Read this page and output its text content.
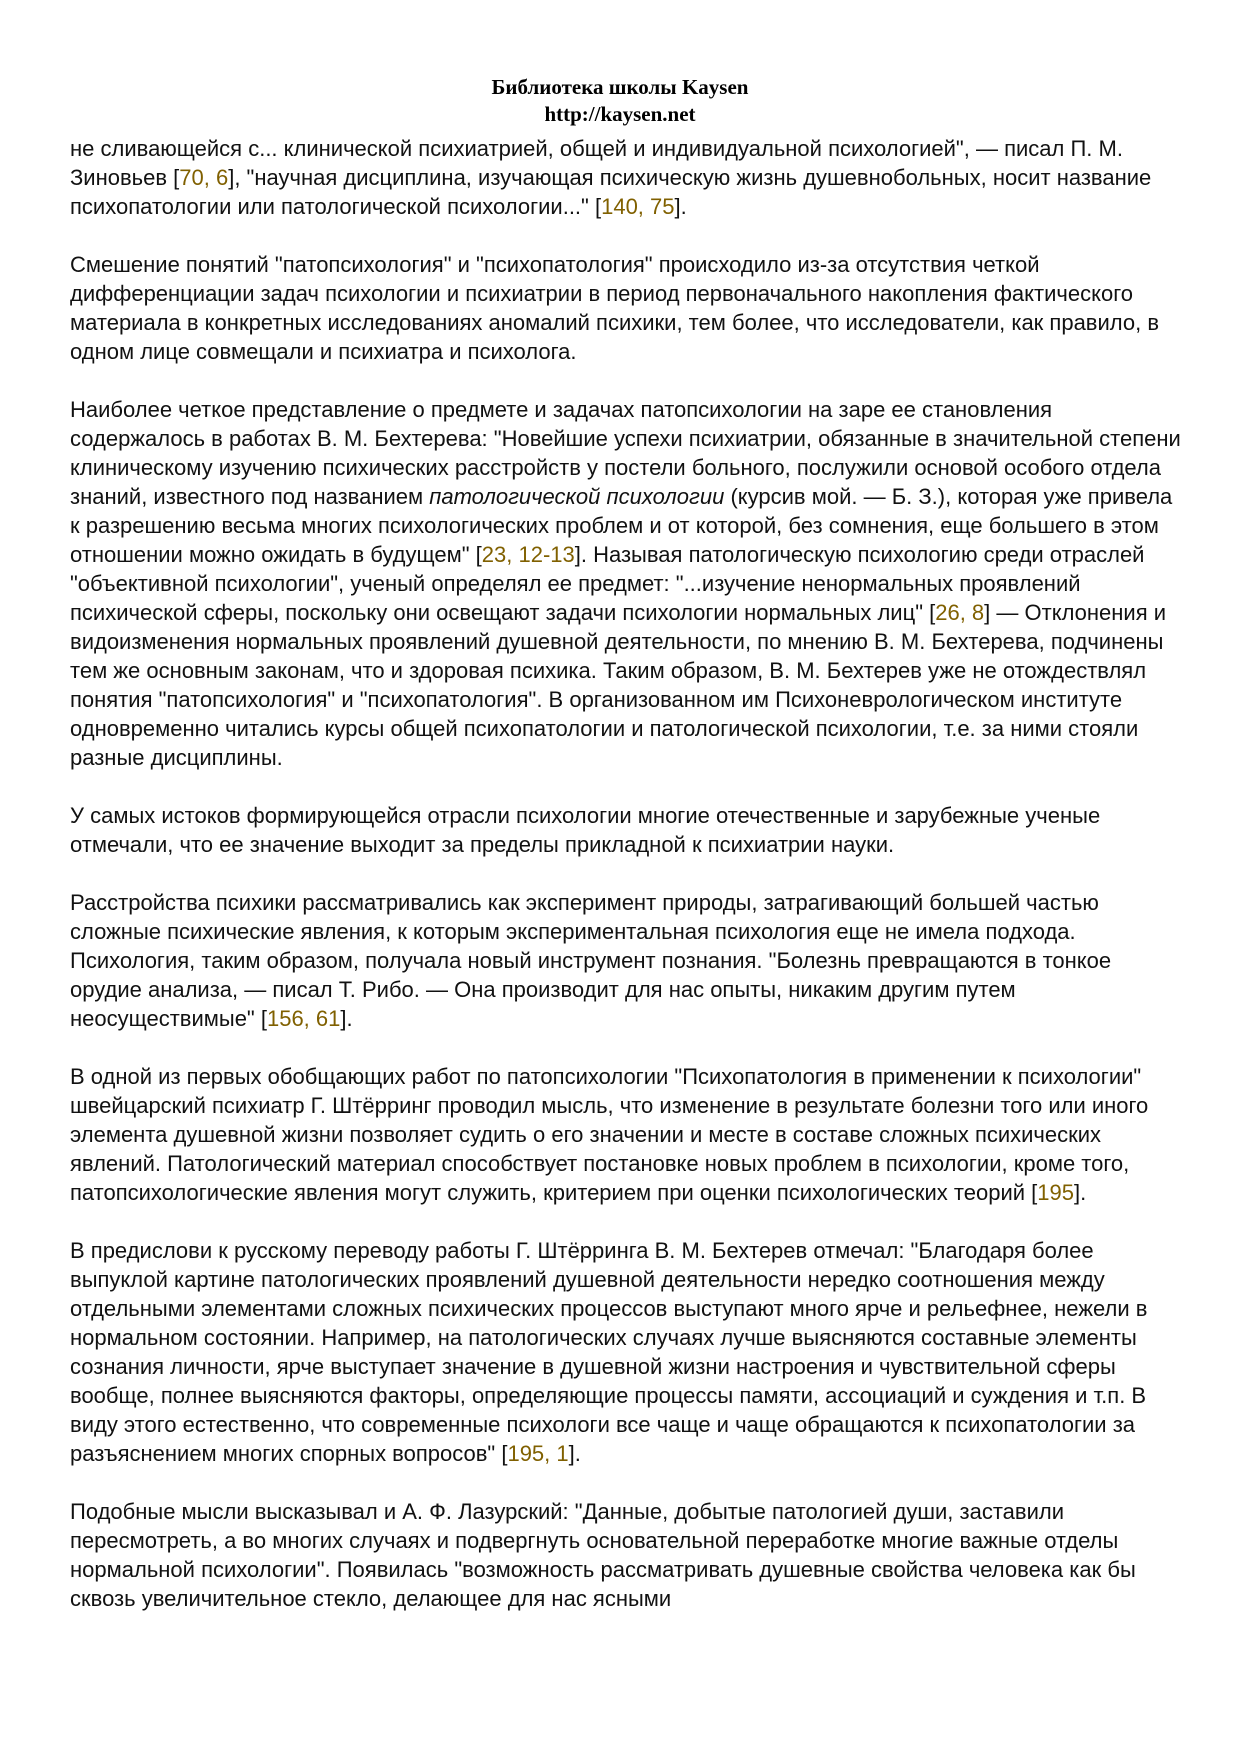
Библиотека школы Kaysen
http://kaysen.net

не сливающейся с... клинической психиатрией, общей и индивидуальной психологией", — писал П. М. Зиновьев [70, 6], "научная дисциплина, изучающая психическую жизнь душевнобольных, носит название психопатологии или патологической психологии..." [140, 75].

Смешение понятий "патопсихология" и "психопатология" происходило из-за отсутствия четкой дифференциации задач психологии и психиатрии в период первоначального накопления фактического материала в конкретных исследованиях аномалий психики, тем более, что исследователи, как правило, в одном лице совмещали и психиатра и психолога.

Наиболее четкое представление о предмете и задачах патопсихологии на заре ее становления содержалось в работах В. М. Бехтерева: "Новейшие успехи психиатрии, обязанные в значительной степени клиническому изучению психических расстройств у постели больного, послужили основой особого отдела знаний, известного под названием патологической психологии (курсив мой. — Б. З.), которая уже привела к разрешению весьма многих психологических проблем и от которой, без сомнения, еще большего в этом отношении можно ожидать в будущем" [23, 12-13]. Называя патологическую психологию среди отраслей "объективной психологии", ученый определял ее предмет: "...изучение ненормальных проявлений психической сферы, поскольку они освещают задачи психологии нормальных лиц" [26, 8] — Отклонения и видоизменения нормальных проявлений душевной деятельности, по мнению В. М. Бехтерева, подчинены тем же основным законам, что и здоровая психика. Таким образом, В. М. Бехтерев уже не отождествлял понятия "патопсихология" и "психопатология". В организованном им Психоневрологическом институте одновременно читались курсы общей психопатологии и патологической психологии, т.е. за ними стояли разные дисциплины.

У самых истоков формирующейся отрасли психологии многие отечественные и зарубежные ученые отмечали, что ее значение выходит за пределы прикладной к психиатрии науки.

Расстройства психики рассматривались как эксперимент природы, затрагивающий большей частью сложные психические явления, к которым экспериментальная психология еще не имела подхода. Психология, таким образом, получала новый инструмент познания. "Болезнь превращаются в тонкое орудие анализа, — писал Т. Рибо. — Она производит для нас опыты, никаким другим путем неосуществимые" [156, 61].

В одной из первых обобщающих работ по патопсихологии "Психопатология в применении к психологии" швейцарский психиатр Г. Штёрринг проводил мысль, что изменение в результате болезни того или иного элемента душевной жизни позволяет судить о его значении и месте в составе сложных психических явлений. Патологический материал способствует постановке новых проблем в психологии, кроме того, патопсихологические явления могут служить, критерием при оценки психологических теорий [195].

В предислови к русскому переводу работы Г. Штёрринга В. М. Бехтерев отмечал: "Благодаря более выпуклой картине патологических проявлений душевной деятельности нередко соотношения между отдельными элементами сложных психических процессов выступают много ярче и рельефнее, нежели в нормальном состоянии. Например, на патологических случаях лучше выясняются составные элементы сознания личности, ярче выступает значение в душевной жизни настроения и чувствительной сферы вообще, полнее выясняются факторы, определяющие процессы памяти, ассоциаций и суждения и т.п. В виду этого естественно, что современные психологи все чаще и чаще обращаются к психопатологии за разъяснением многих спорных вопросов" [195, 1].

Подобные мысли высказывал и А. Ф. Лазурский: "Данные, добытые патологией души, заставили пересмотреть, а во многих случаях и подвергнуть основательной переработке многие важные отделы нормальной психологии". Появилась "возможность рассматривать душевные свойства человека как бы сквозь увеличительное стекло, делающее для нас ясными
